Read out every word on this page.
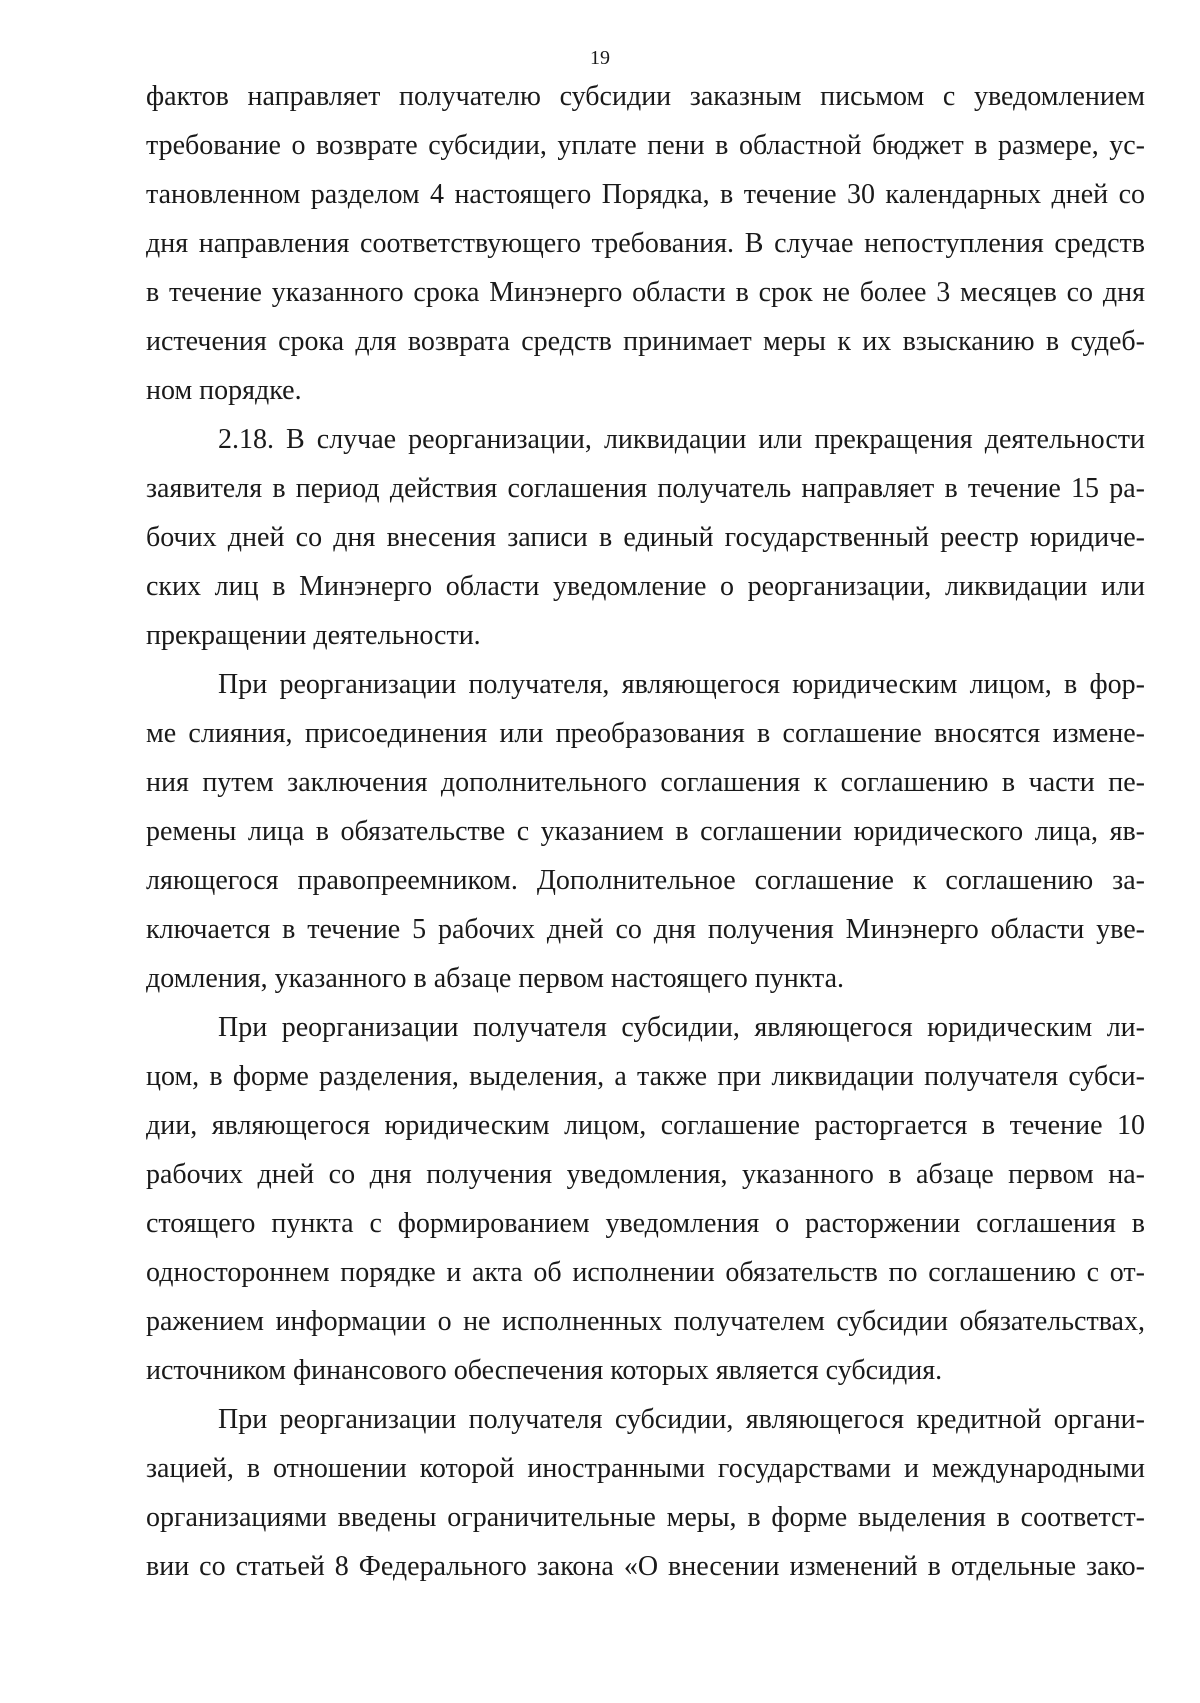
19
фактов направляет получателю субсидии заказным письмом с уведомлением
требование о возврате субсидии, уплате пени в областной бюджет в размере, ус-
тановленном разделом 4 настоящего Порядка, в течение 30 календарных дней со
дня направления соответствующего требования. В случае непоступления средств
в течение указанного срока Минэнерго области в срок не более 3 месяцев со дня
истечения срока для возврата средств принимает меры к их взысканию в судеб-
ном порядке.
2.18. В случае реорганизации, ликвидации или прекращения деятельности
заявителя в период действия соглашения получатель направляет в течение 15 ра-
бочих дней со дня внесения записи в единый государственный реестр юридиче-
ских лиц в Минэнерго области уведомление о реорганизации, ликвидации или
прекращении деятельности.
При реорганизации получателя, являющегося юридическим лицом, в фор-
ме слияния, присоединения или преобразования в соглашение вносятся измене-
ния путем заключения дополнительного соглашения к соглашению в части пе-
ремены лица в обязательстве с указанием в соглашении юридического лица, яв-
ляющегося правопреемником. Дополнительное соглашение к соглашению за-
ключается в течение 5 рабочих дней со дня получения Минэнерго области уве-
домления, указанного в абзаце первом настоящего пункта.
При реорганизации получателя субсидии, являющегося юридическим ли-
цом, в форме разделения, выделения, а также при ликвидации получателя субси-
дии, являющегося юридическим лицом, соглашение расторгается в течение 10
рабочих дней со дня получения уведомления, указанного в абзаце первом на-
стоящего пункта с формированием уведомления о расторжении соглашения в
одностороннем порядке и акта об исполнении обязательств по соглашению с от-
ражением информации о не исполненных получателем субсидии обязательствах,
источником финансового обеспечения которых является субсидия.
При реорганизации получателя субсидии, являющегося кредитной органи-
зацией, в отношении которой иностранными государствами и международными
организациями введены ограничительные меры, в форме выделения в соответст-
вии со статьей 8 Федерального закона «О внесении изменений в отдельные зако-
